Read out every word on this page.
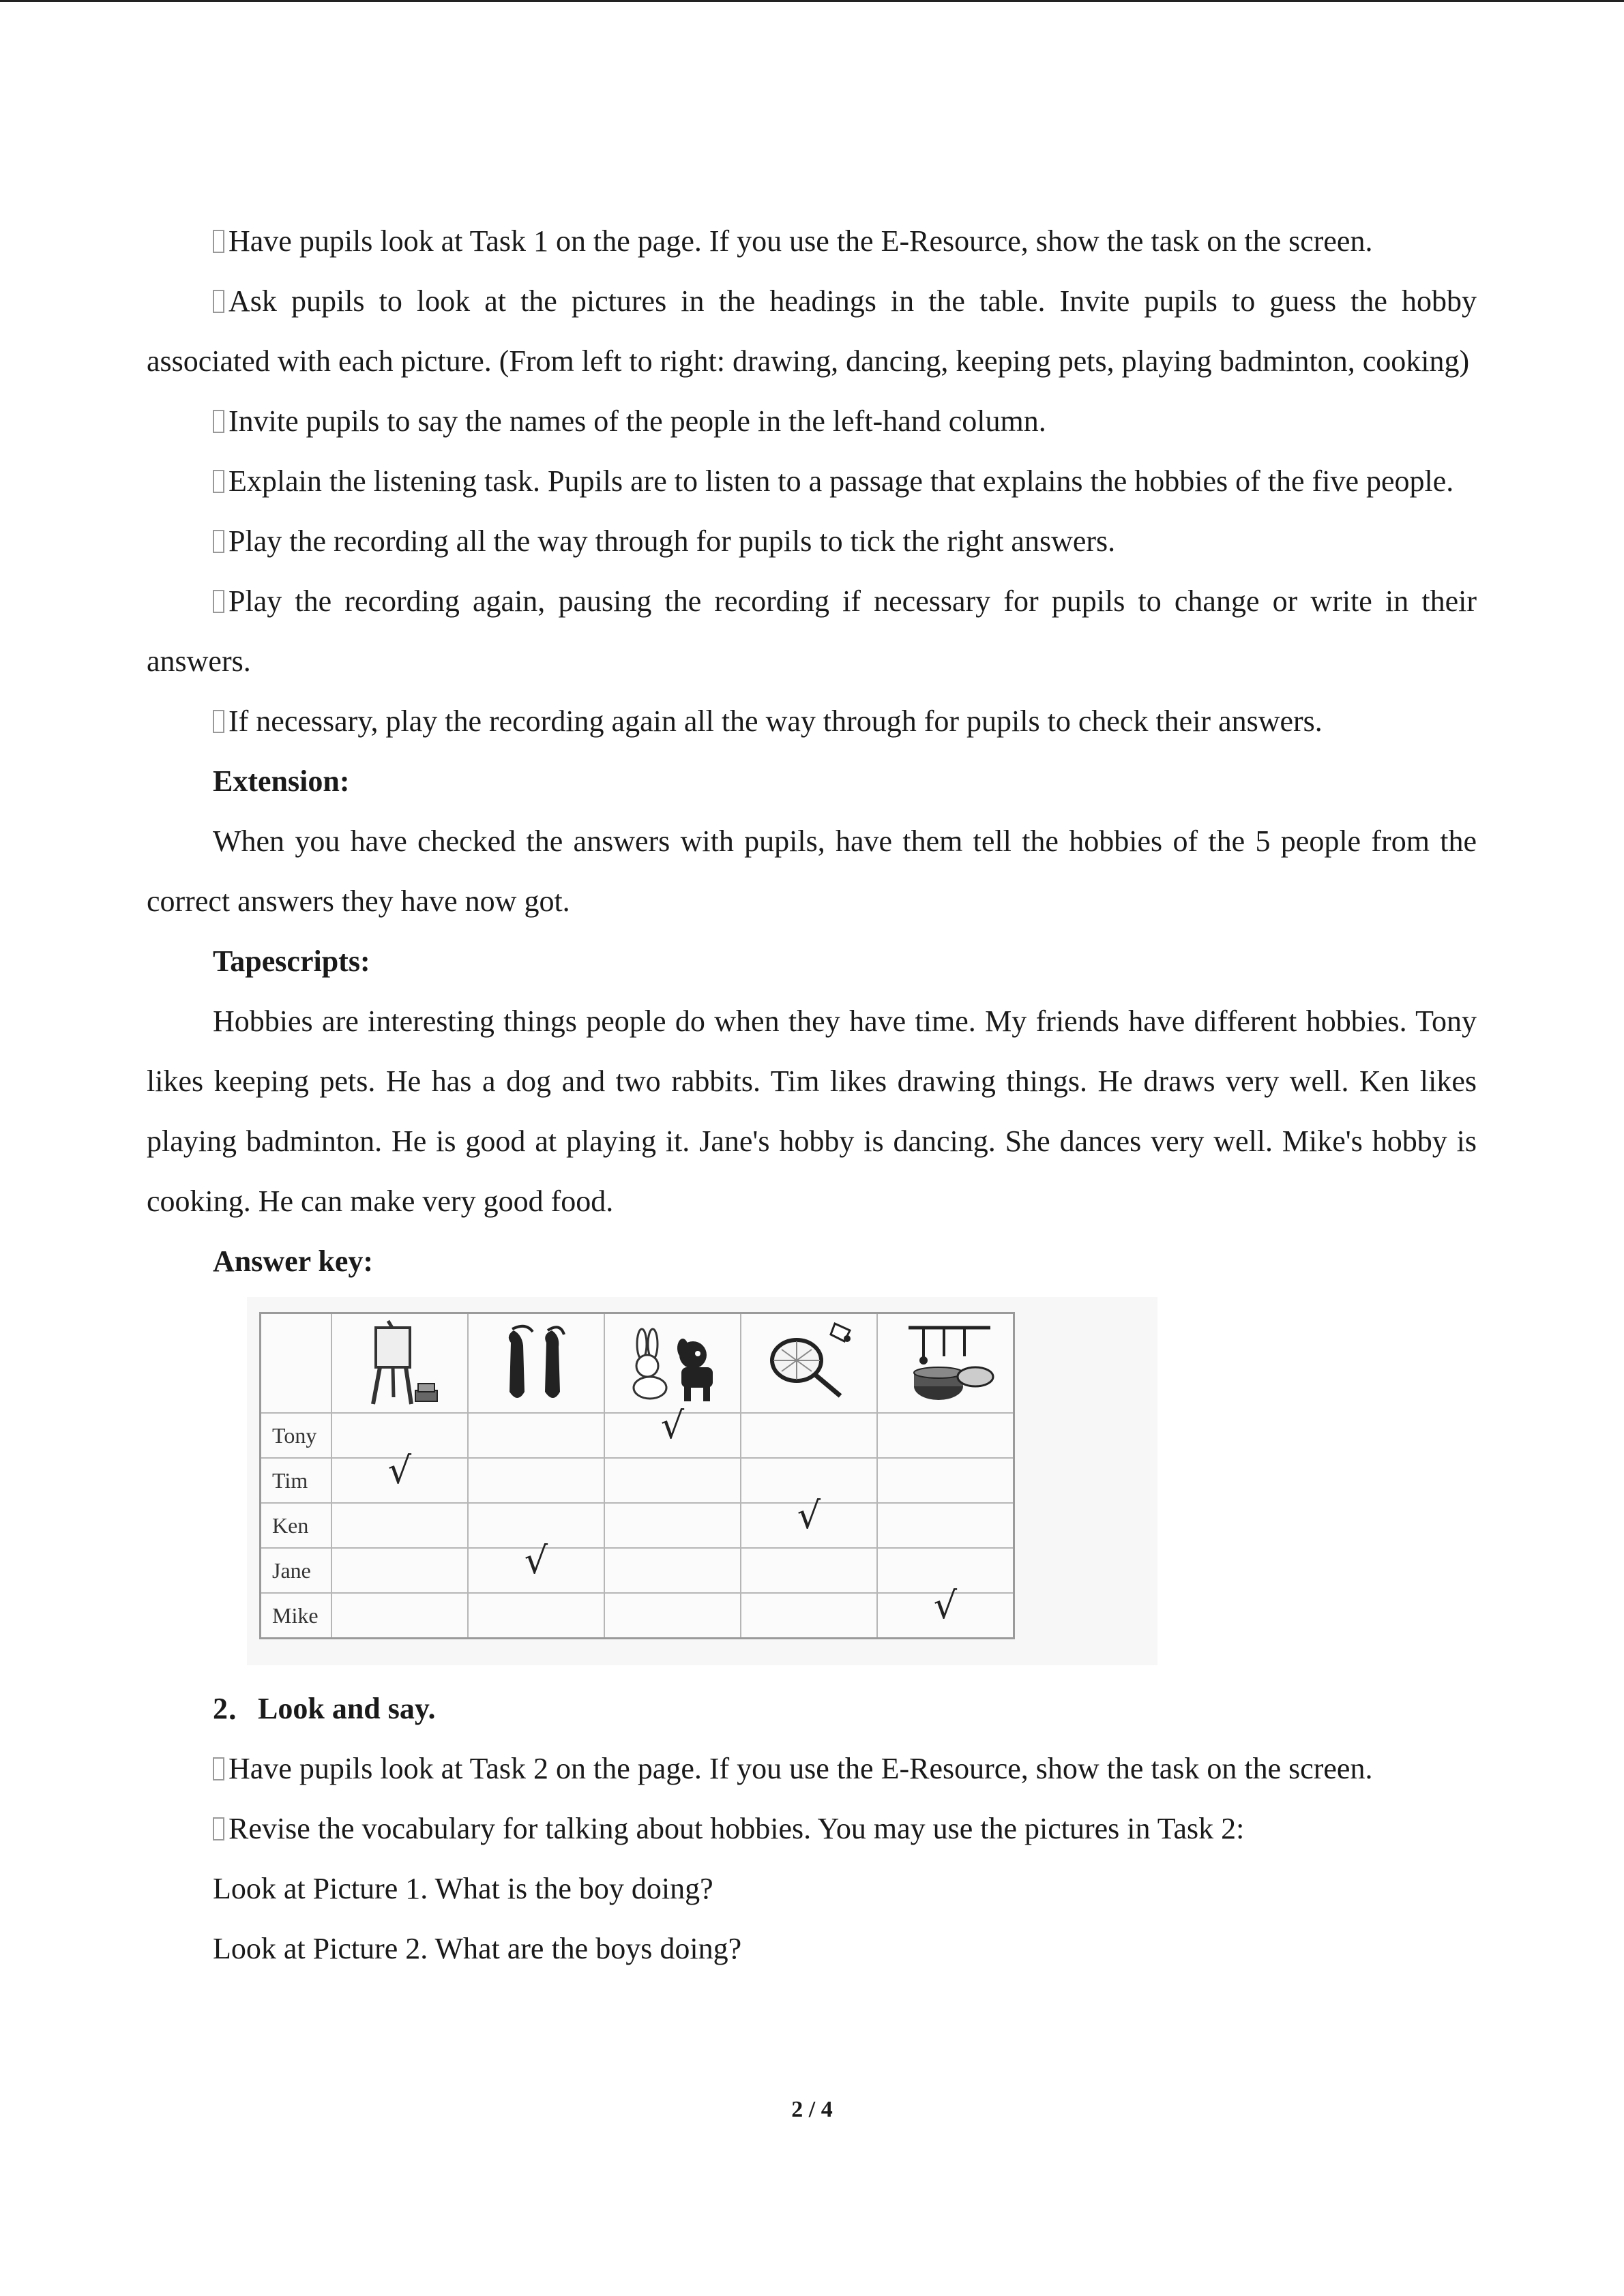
Have pupils look at Task 1 on the page. If you use the E-Resource, show the task on the screen.

Ask pupils to look at the pictures in the headings in the table. Invite pupils to guess the hobby associated with each picture. (From left to right: drawing, dancing, keeping pets, playing badminton, cooking)

Invite pupils to say the names of the people in the left-hand column.

Explain the listening task. Pupils are to listen to a passage that explains the hobbies of the five people.

Play the recording all the way through for pupils to tick the right answers.

Play the recording again, pausing the recording if necessary for pupils to change or write in their answers.

If necessary, play the recording again all the way through for pupils to check their answers.

Extension:

When you have checked the answers with pupils, have them tell the hobbies of the 5 people from the correct answers they have now got.

Tapescripts:

Hobbies are interesting things people do when they have time. My friends have different hobbies. Tony likes keeping pets. He has a dog and two rabbits. Tim likes drawing things. He draws very well. Ken likes playing badminton. He is good at playing it. Jane's hobby is dancing. She dances very well. Mike's hobby is cooking. He can make very good food.

Answer key:

Tony			√		
Tim	√				
Ken				√	
Jane		√			
Mike					√

2．Look and say.

Have pupils look at Task 2 on the page. If you use the E-Resource, show the task on the screen.

Revise the vocabulary for talking about hobbies. You may use the pictures in Task 2:

Look at Picture 1. What is the boy doing?

Look at Picture 2. What are the boys doing?

2 / 4
